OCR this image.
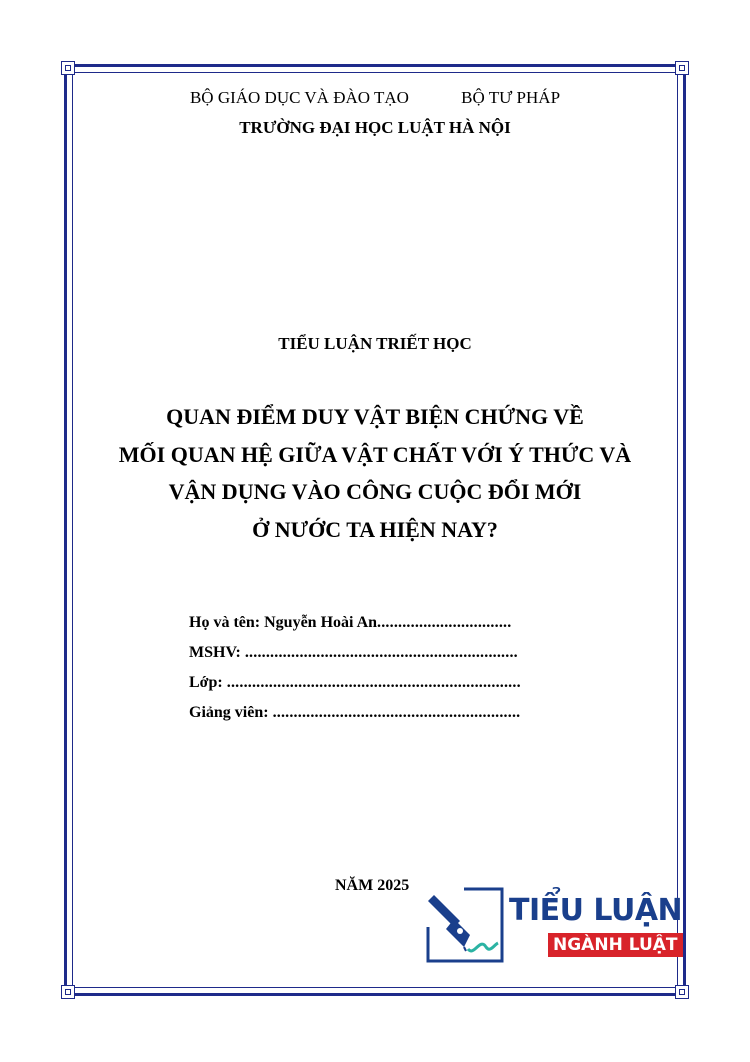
BỘ GIÁO DỤC VÀ ĐÀO TẠO	BỘ TƯ PHÁP
TRƯỜNG ĐẠI HỌC LUẬT HÀ NỘI
TIỂU LUẬN TRIẾT HỌC
QUAN ĐIỂM DUY VẬT BIỆN CHỨNG VỀ
MỐI QUAN HỆ GIỮA VẬT CHẤT VỚI Ý THỨC VÀ
VẬN DỤNG VÀO CÔNG CUỘC ĐỔI MỚI
Ở NƯỚC TA HIỆN NAY?
Họ và tên: Nguyễn Hoài An................................
MSHV: .................................................................
Lớp: ......................................................................
Giảng viên: ...........................................................
NĂM 2025
TIỂU LUẬN
NGÀNH LUẬT
